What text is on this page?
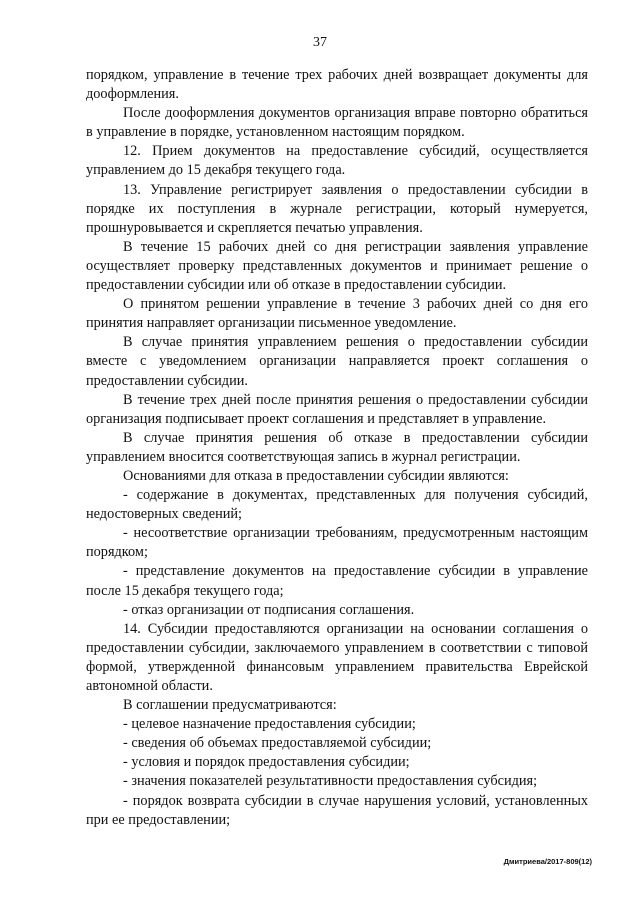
37

порядком, управление в течение трех рабочих дней возвращает документы для дооформления.

После дооформления документов организация вправе повторно обратиться в управление в порядке, установленном настоящим порядком.

12. Прием документов на предоставление субсидий, осуществляется управлением до 15 декабря текущего года.

13. Управление регистрирует заявления о предоставлении субсидии в порядке их поступления в журнале регистрации, который нумеруется, прошнуровывается и скрепляется печатью управления.

В течение 15 рабочих дней со дня регистрации заявления управление осуществляет проверку представленных документов и принимает решение о предоставлении субсидии или об отказе в предоставлении субсидии.

О принятом решении управление в течение 3 рабочих дней со дня его принятия направляет организации письменное уведомление.

В случае принятия управлением решения о предоставлении субсидии вместе с уведомлением организации направляется проект соглашения о предоставлении субсидии.

В течение трех дней после принятия решения о предоставлении субсидии организация подписывает проект соглашения и представляет в управление.

В случае принятия решения об отказе в предоставлении субсидии управлением вносится соответствующая запись в журнал регистрации.

Основаниями для отказа в предоставлении субсидии являются:

- содержание в документах, представленных для получения субсидий, недостоверных сведений;

- несоответствие организации требованиям, предусмотренным настоящим порядком;

- представление документов на предоставление субсидии в управление после 15 декабря текущего года;

- отказ организации от подписания соглашения.

14. Субсидии предоставляются организации на основании соглашения о предоставлении субсидии, заключаемого управлением в соответствии с типовой формой, утвержденной финансовым управлением правительства Еврейской автономной области.

В соглашении предусматриваются:

- целевое назначение предоставления субсидии;

- сведения об объемах предоставляемой субсидии;

- условия и порядок предоставления субсидии;

- значения показателей результативности предоставления субсидия;

- порядок возврата субсидии в случае нарушения условий, установленных при ее предоставлении;

Дмитриева/2017-809(12)
